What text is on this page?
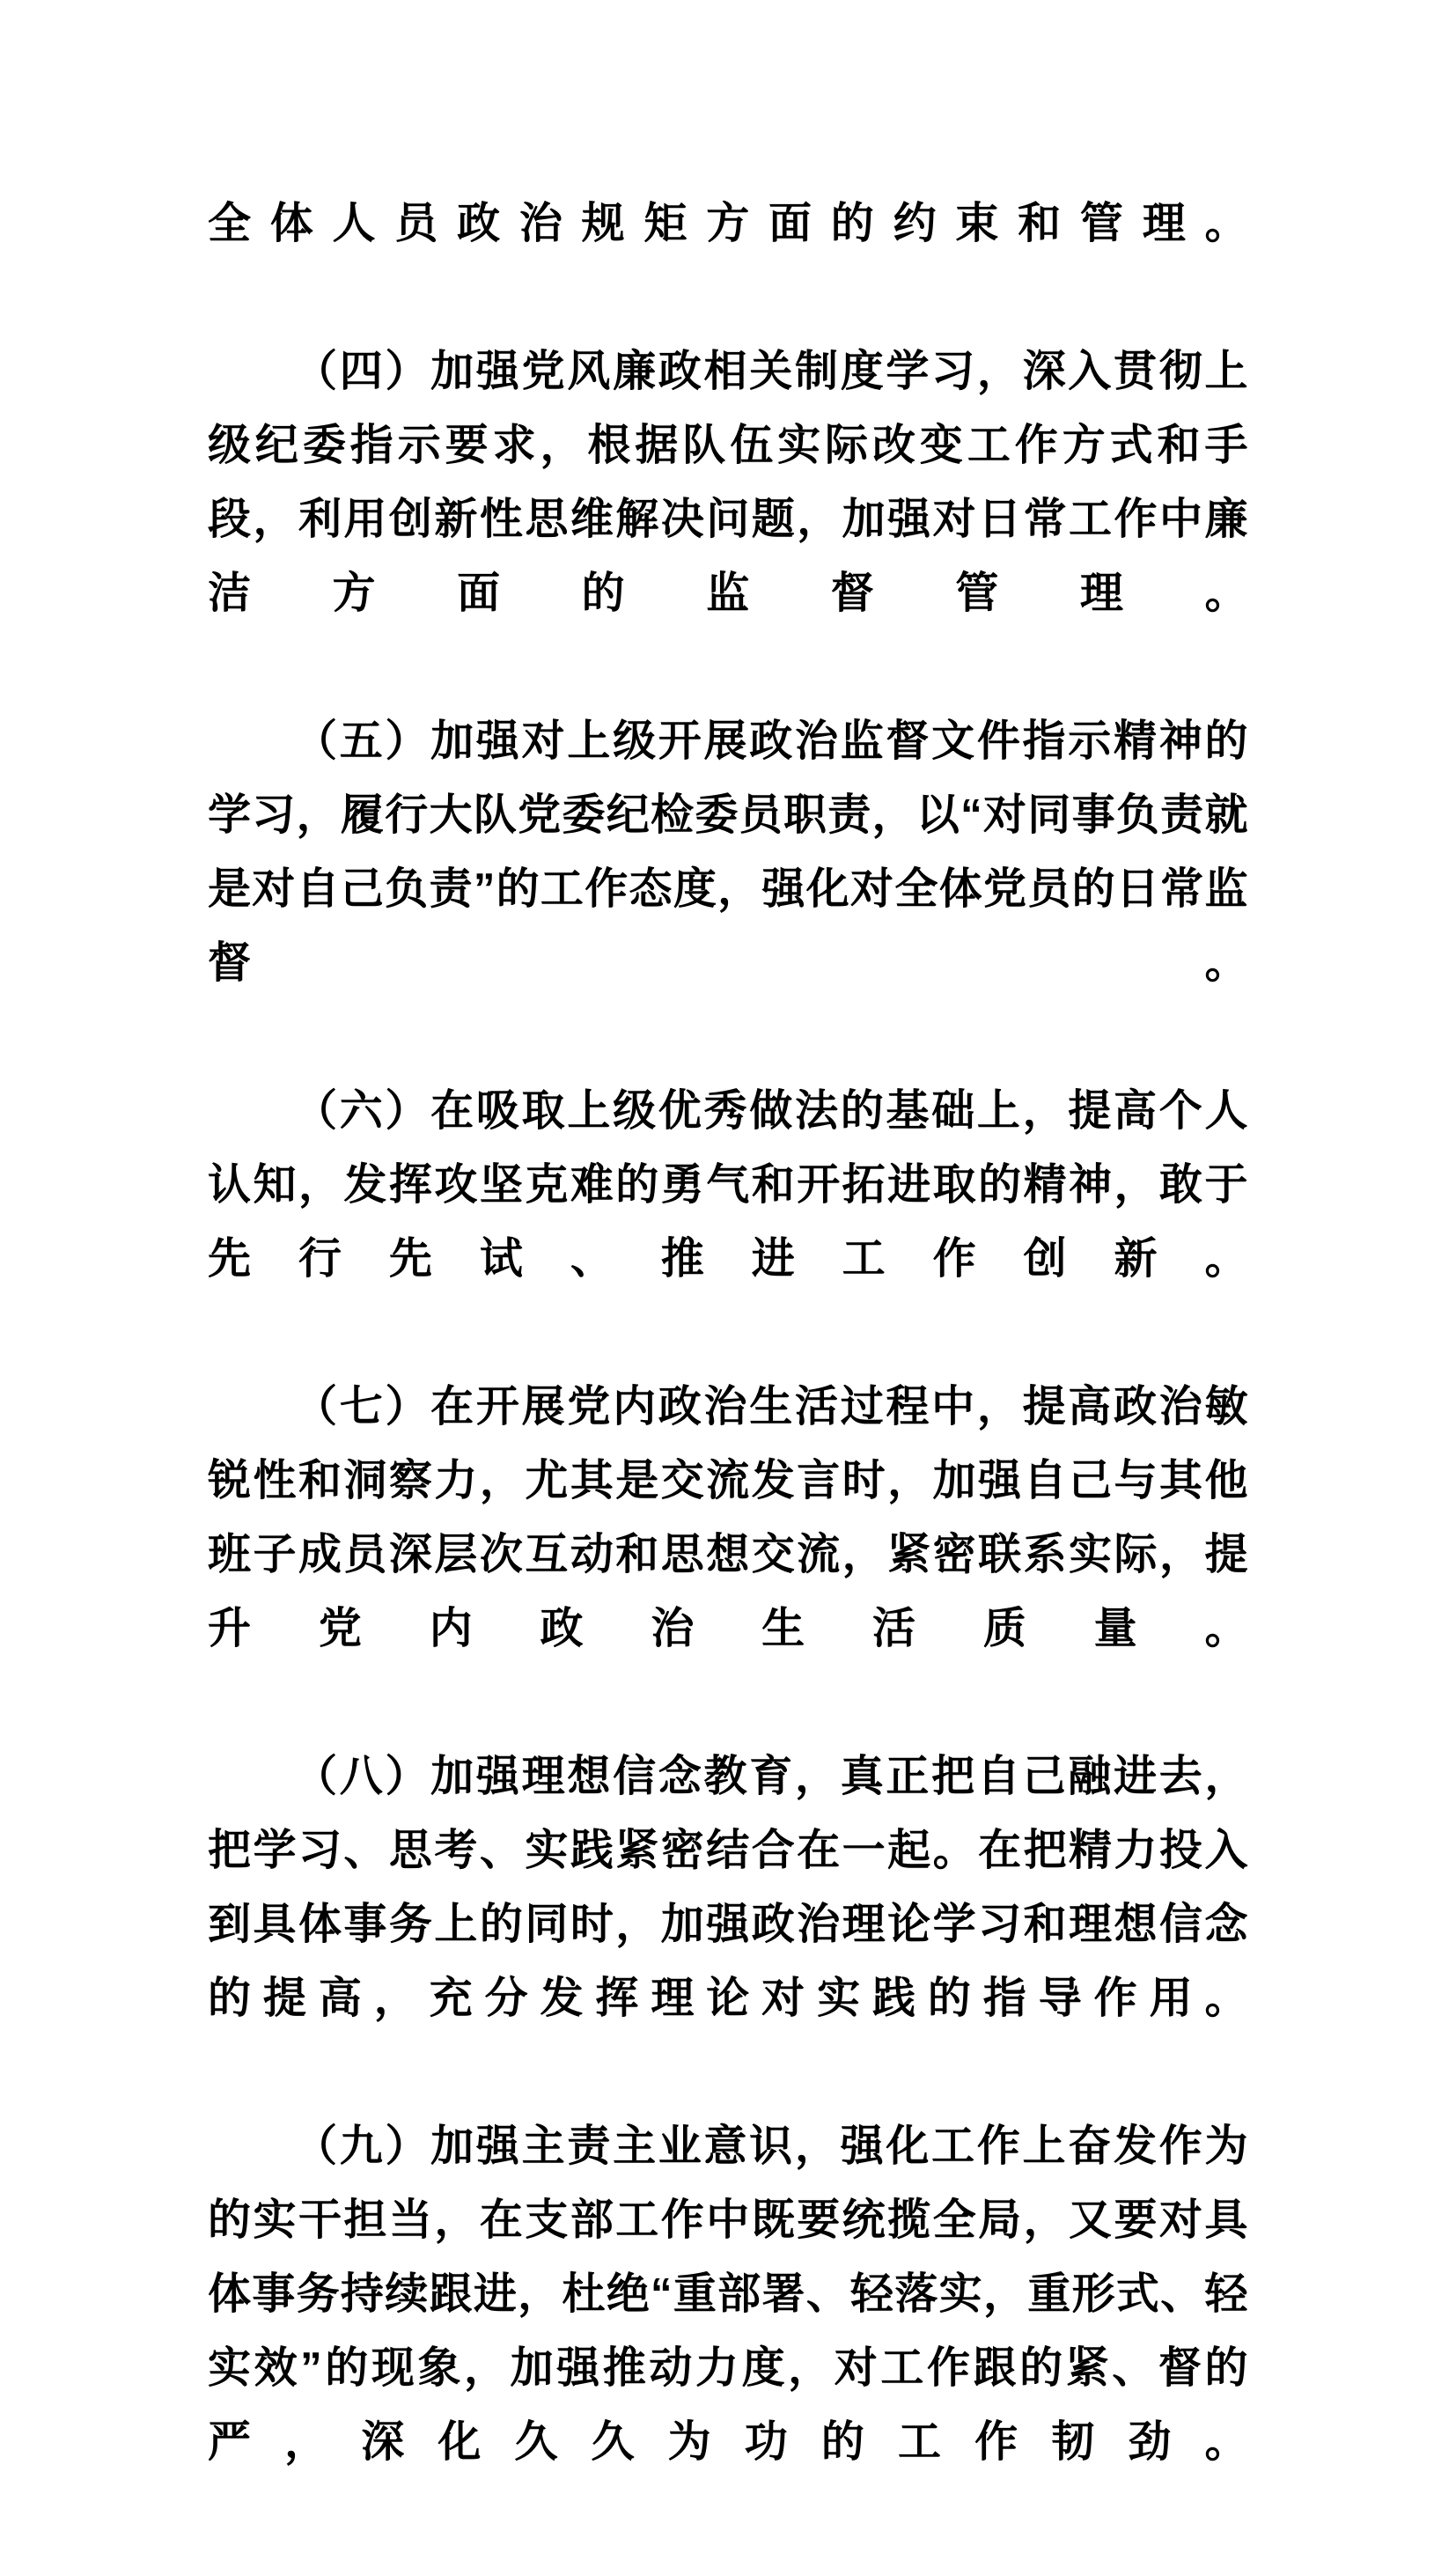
全体人员政治规矩方面的约束和管理。

（四）加强党风廉政相关制度学习，深入贯彻上级纪委指示要求，根据队伍实际改变工作方式和手段，利用创新性思维解决问题，加强对日常工作中廉洁方面的监督管理。

（五）加强对上级开展政治监督文件指示精神的学习，履行大队党委纪检委员职责，以“对同事负责就是对自己负责”的工作态度，强化对全体党员的日常监督。

（六）在吸取上级优秀做法的基础上，提高个人认知，发挥攻坚克难的勇气和开拓进取的精神，敢于先行先试、推进工作创新。

（七）在开展党内政治生活过程中，提高政治敏锐性和洞察力，尤其是交流发言时，加强自己与其他班子成员深层次互动和思想交流，紧密联系实际，提升党内政治生活质量。

（八）加强理想信念教育，真正把自己融进去，把学习、思考、实践紧密结合在一起。在把精力投入到具体事务上的同时，加强政治理论学习和理想信念的提高，充分发挥理论对实践的指导作用。

（九）加强主责主业意识，强化工作上奋发作为的实干担当，在支部工作中既要统揽全局，又要对具体事务持续跟进，杜绝“重部署、轻落实，重形式、轻实效”的现象，加强推动力度，对工作跟的紧、督的严，深化久久为功的工作韧劲。
